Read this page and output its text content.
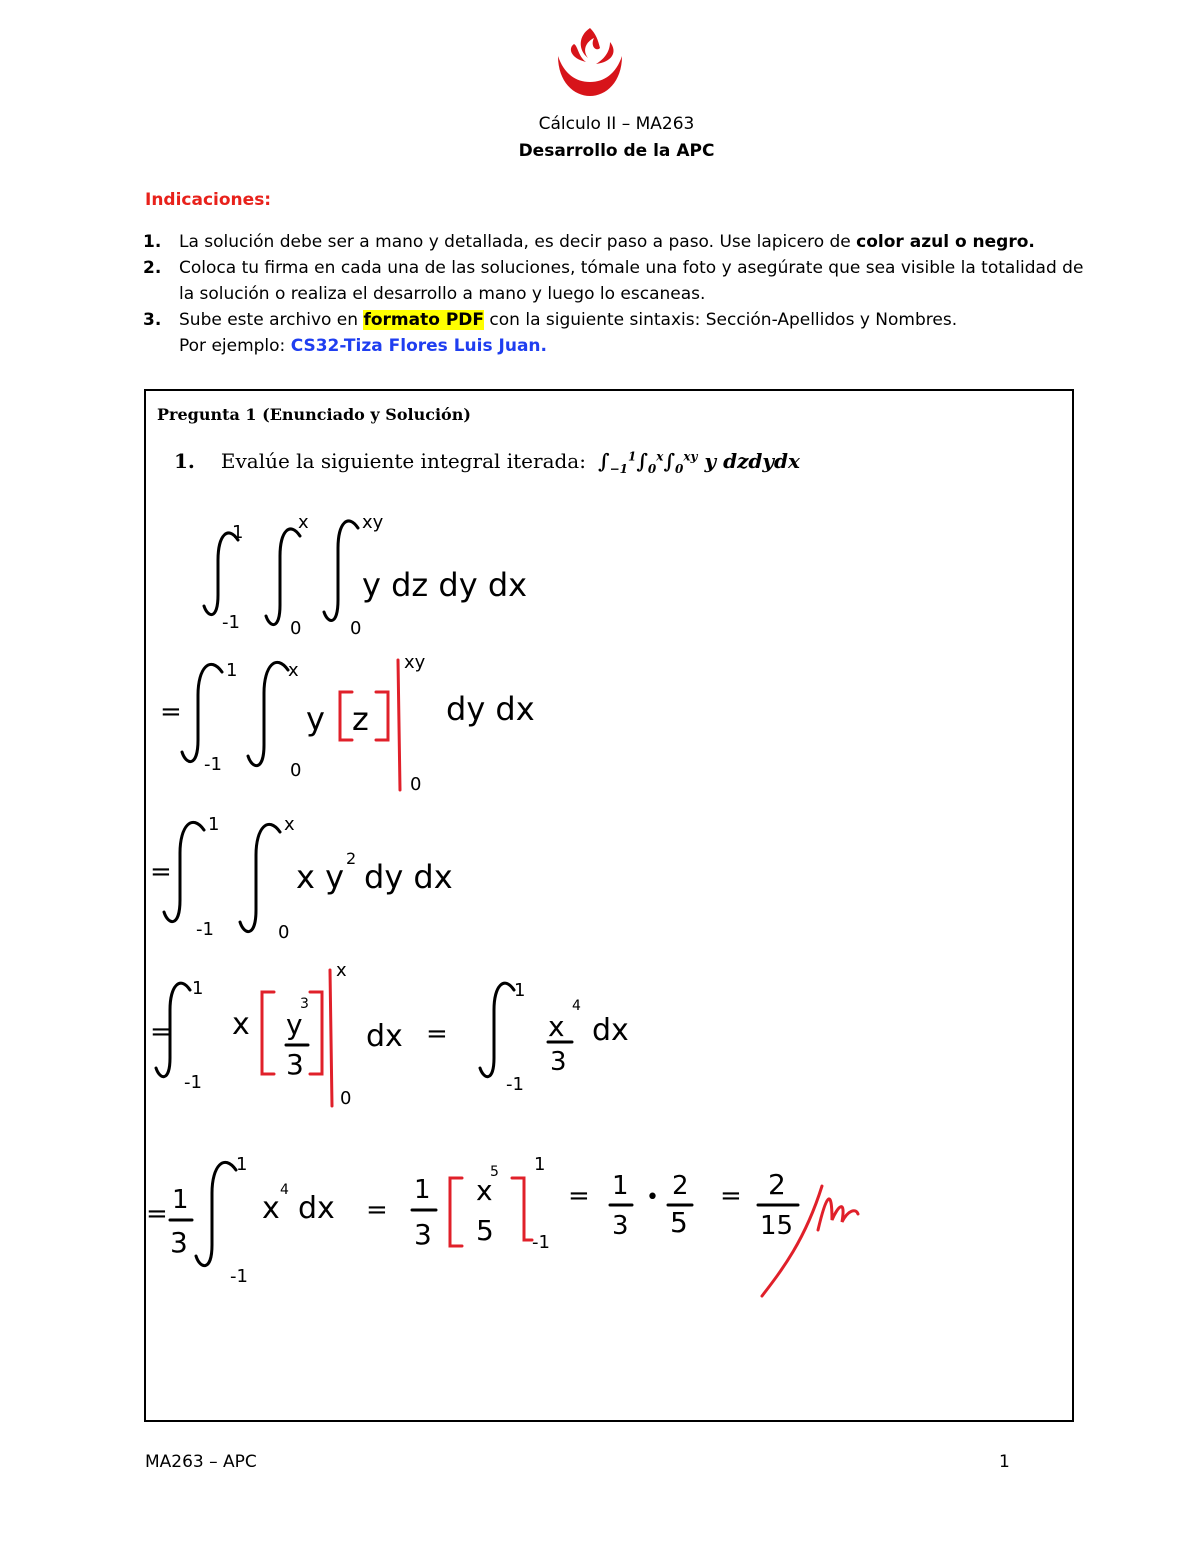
Cálculo II – MA263
Desarrollo de la APC
Indicaciones:
1. La solución debe ser a mano y detallada, es decir paso a paso. Use lapicero de color azul o negro.
2. Coloca tu firma en cada una de las soluciones, tómale una foto y asegúrate que sea visible la totalidad de la solución o realiza el desarrollo a mano y luego lo escaneas.
3. Sube este archivo en formato PDF con la siguiente sintaxis: Sección-Apellidos y Nombres.
Por ejemplo: CS32-Tiza Flores Luis Juan.
Pregunta 1 (Enunciado y Solución)
1. Evalúe la siguiente integral iterada: $\int_{-1}^1\int_0^x\int_0^{xy}$ y dzdydx
1
-1
x
0
xy
0
y dz dy dx
=
1
-1
x
0
y z
xy
0
dy dx
=
1
-1
x
0
x y 2 dy dx
=
1
-1
x y
3
3
x
0
dx =
1
-1
x
4
3
dx
= 1
3
1
-1
x
4
dx =
1
3
x
5
5
1
-1
= 1
3
• 2
5
= 2
15
MA263 – APC	1
